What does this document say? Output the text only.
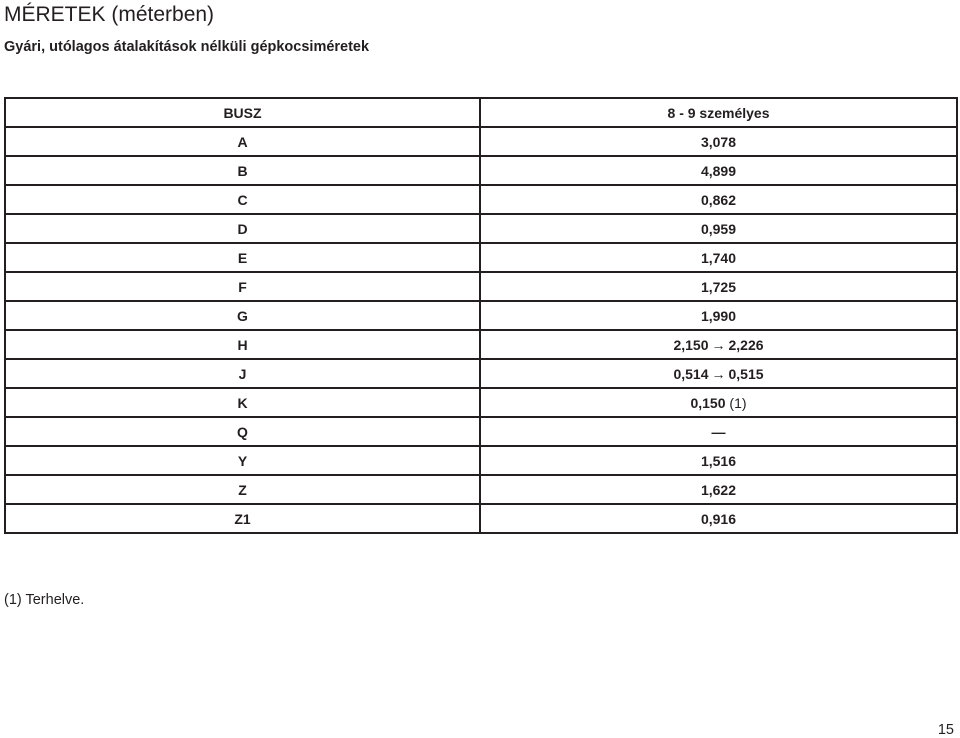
MÉRETEK (méterben)
Gyári, utólagos átalakítások nélküli gépkocsiméretek
BUSZ	8 - 9 személyes
A	3,078
B	4,899
C	0,862
D	0,959
E	1,740
F	1,725
G	1,990
H	2,150 → 2,226
J	0,514 → 0,515
K	0,150 (1)
Q	—
Y	1,516
Z	1,622
Z1	0,916
(1) Terhelve.
15
